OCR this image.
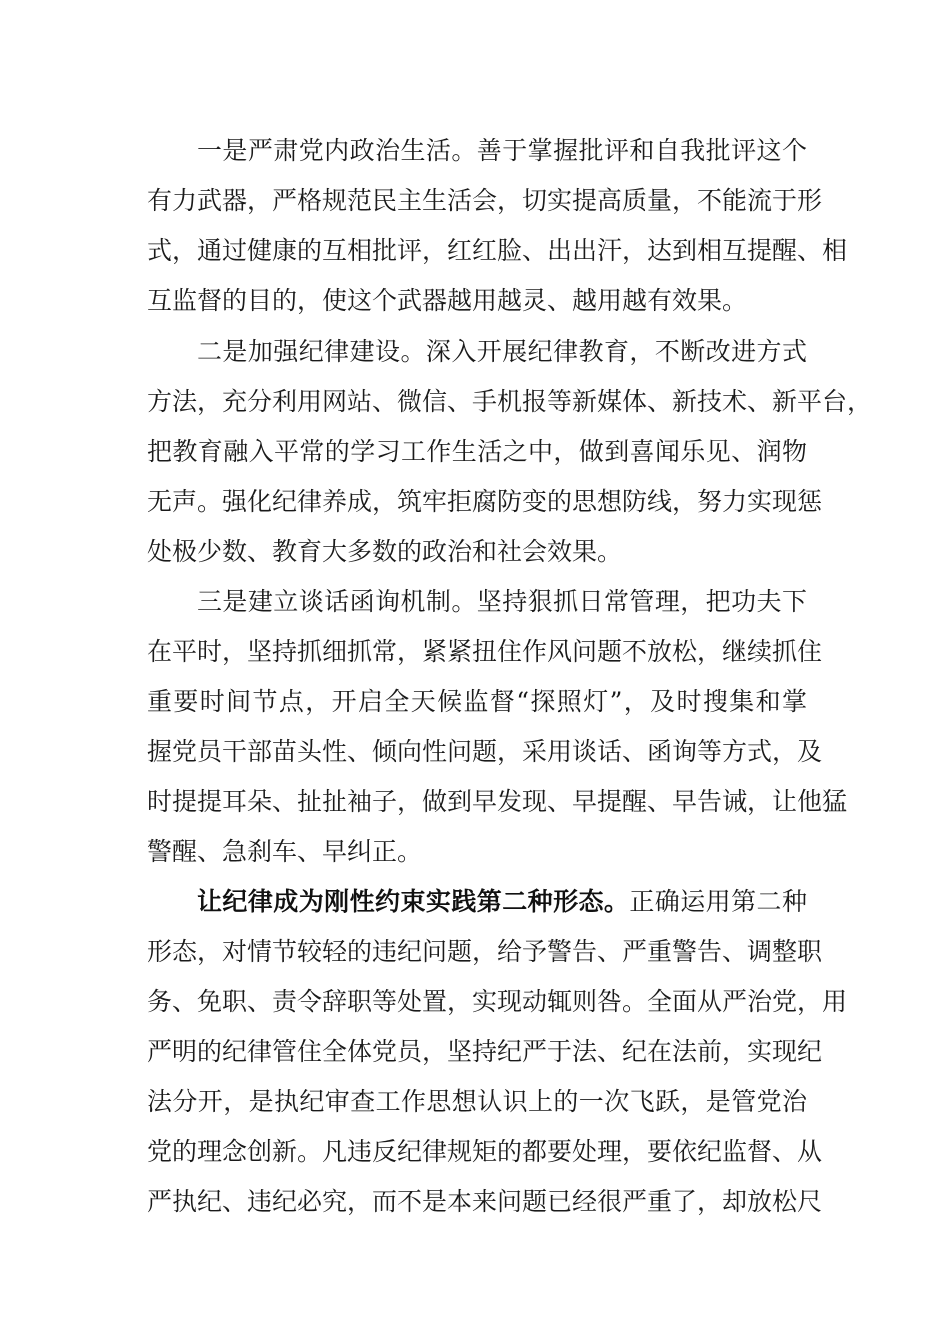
一是严肃党内政治生活。善于掌握批评和自我批评这个
有力武器，严格规范民主生活会，切实提高质量，不能流于形
式，通过健康的互相批评，红红脸、出出汗，达到相互提醒、相
互监督的目的，使这个武器越用越灵、越用越有效果。
二是加强纪律建设。深入开展纪律教育，不断改进方式
方法，充分利用网站、微信、手机报等新媒体、新技术、新平台，
把教育融入平常的学习工作生活之中，做到喜闻乐见、润物
无声。强化纪律养成，筑牢拒腐防变的思想防线，努力实现惩
处极少数、教育大多数的政治和社会效果。
三是建立谈话函询机制。坚持狠抓日常管理，把功夫下
在平时，坚持抓细抓常，紧紧扭住作风问题不放松，继续抓住
重要时间节点，开启全天候监督“探照灯”，及时搜集和掌
握党员干部苗头性、倾向性问题，采用谈话、函询等方式，及
时提提耳朵、扯扯袖子，做到早发现、早提醒、早告诫，让他猛
警醒、急刹车、早纠正。
让纪律成为刚性约束实践第二种形态。正确运用第二种
形态，对情节较轻的违纪问题，给予警告、严重警告、调整职
务、免职、责令辞职等处置，实现动辄则咎。全面从严治党，用
严明的纪律管住全体党员，坚持纪严于法、纪在法前，实现纪
法分开，是执纪审查工作思想认识上的一次飞跃，是管党治
党的理念创新。凡违反纪律规矩的都要处理，要依纪监督、从
严执纪、违纪必究，而不是本来问题已经很严重了，却放松尺
